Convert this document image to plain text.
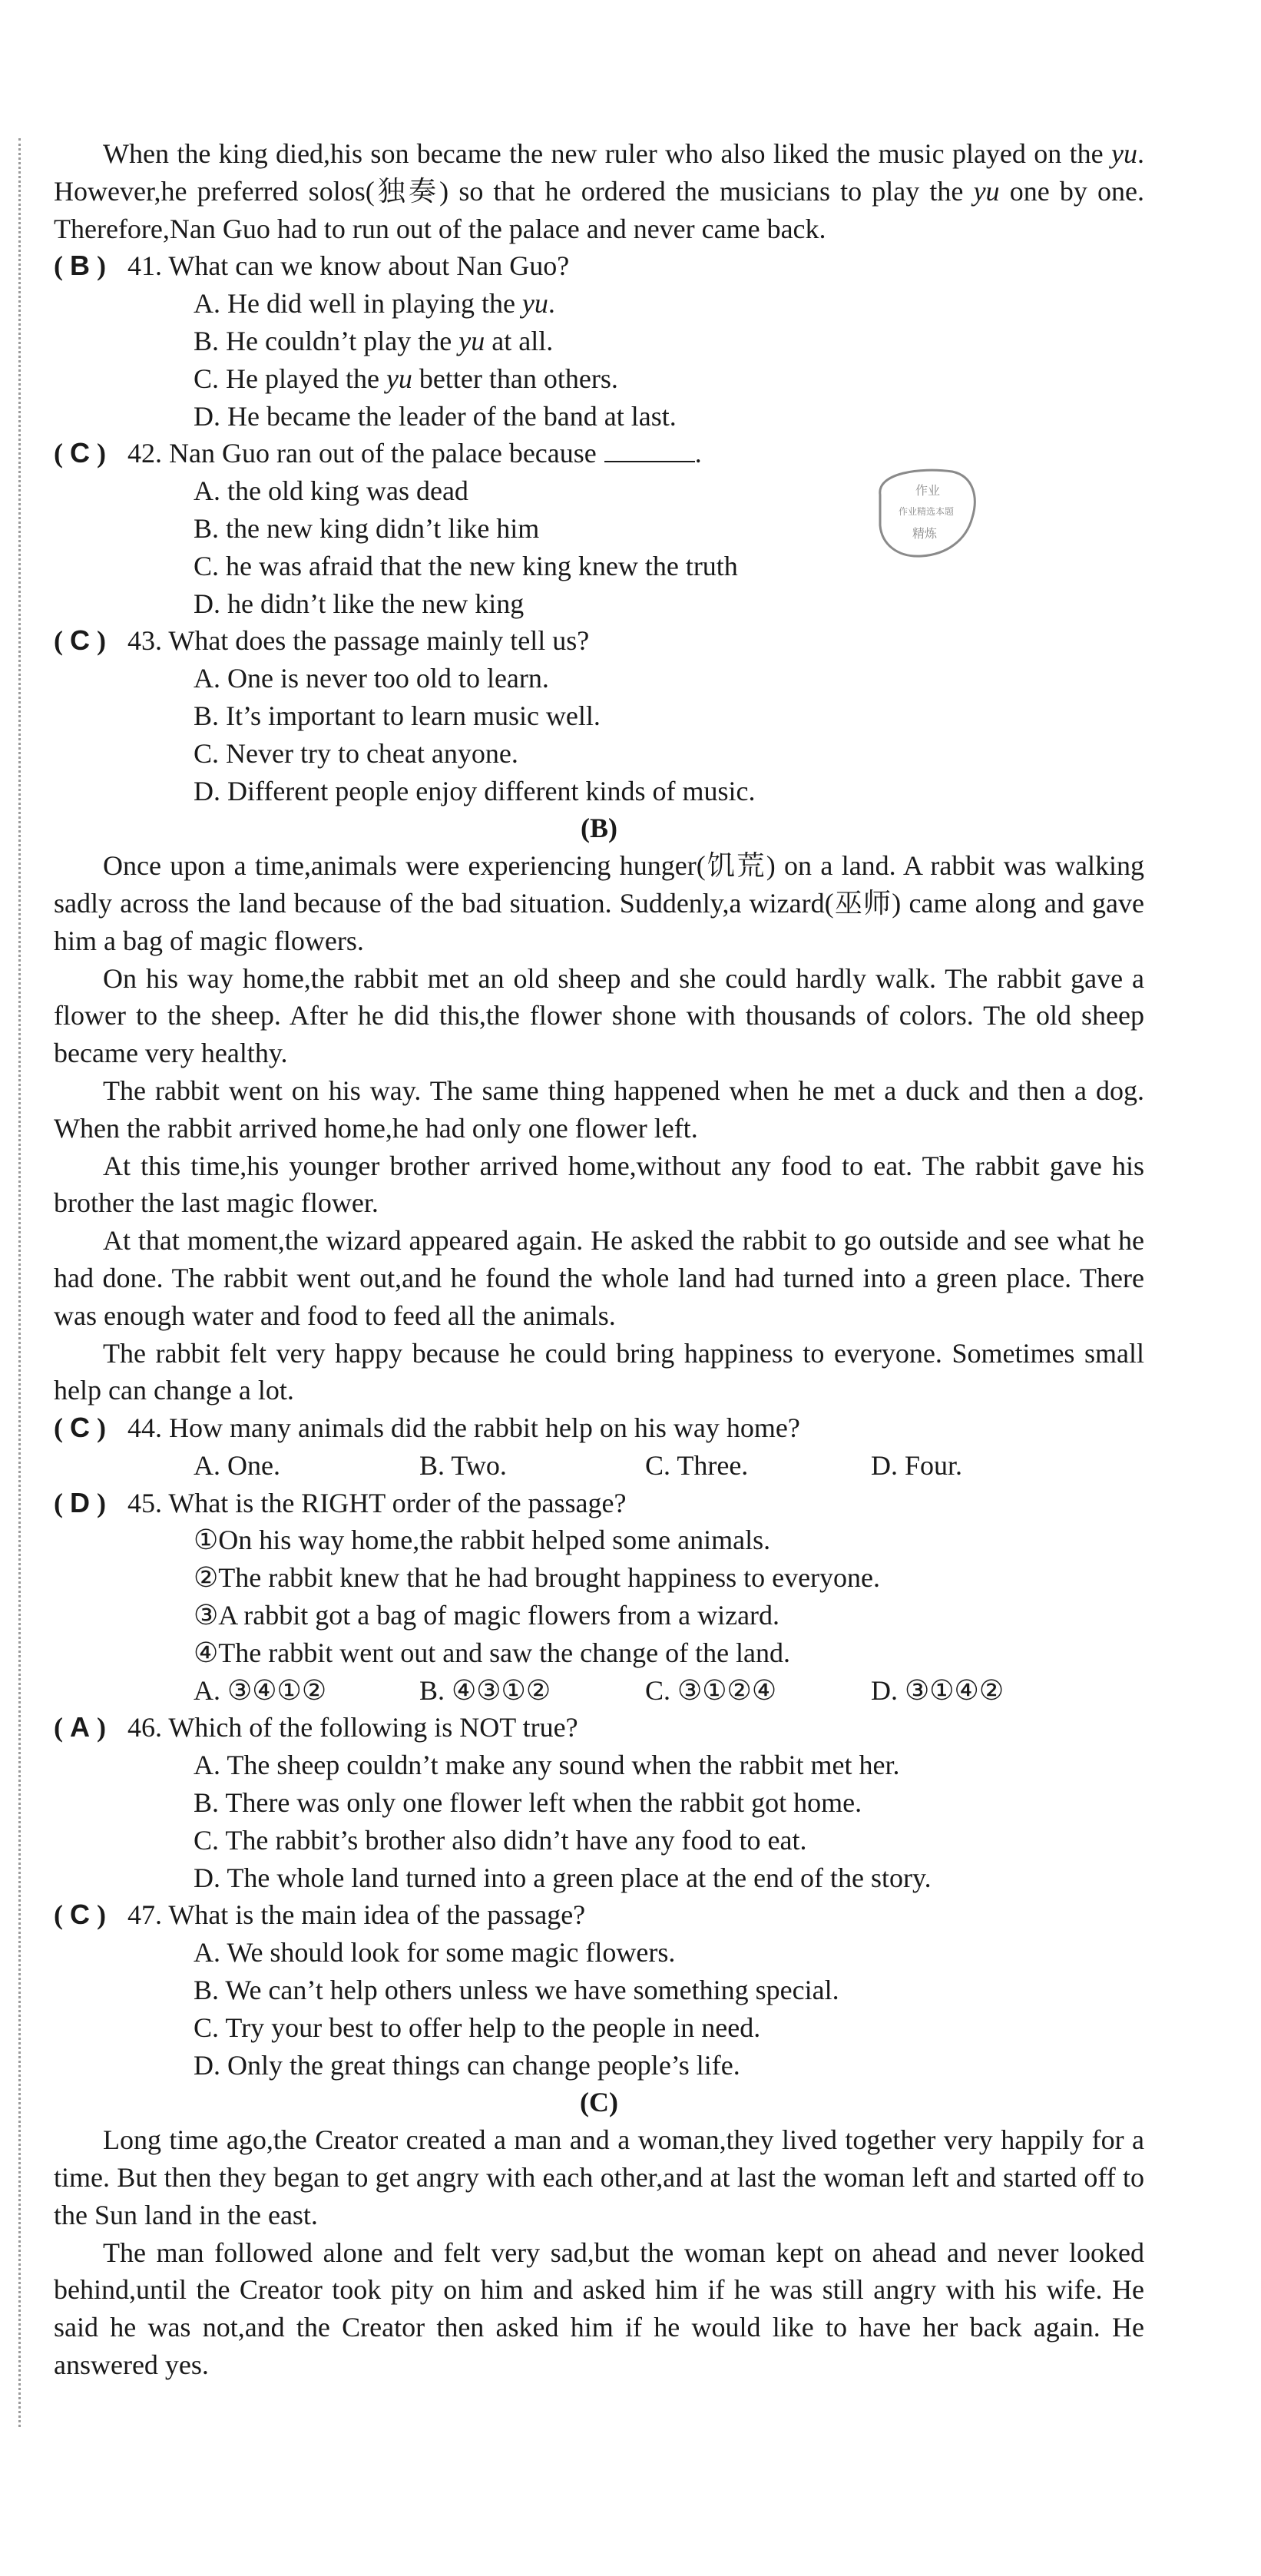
When the king died,his son became the new ruler who also liked the music played on the yu. However,he preferred solos(独奏) so that he ordered the musicians to play the yu one by one. Therefore,Nan Guo had to run out of the palace and never came back.

( B ) 41. What can we know about Nan Guo?

A. He did well in playing the yu.

B. He couldn’t play the yu at all.

C. He played the yu better than others.

D. He became the leader of the band at last.

( C ) 42. Nan Guo ran out of the palace because	.

A. the old king was dead

B. the new king didn’t like him

C. he was afraid that the new king knew the truth

D. he didn’t like the new king

( C ) 43. What does the passage mainly tell us?

A. One is never too old to learn.

B. It’s important to learn music well.

C. Never try to cheat anyone.

D. Different people enjoy different kinds of music.

(B)

Once upon a time,animals were experiencing hunger(饥荒) on a land. A rabbit was walking sadly across the land because of the bad situation. Suddenly,a wizard(巫师) came along and gave him a bag of magic flowers.

On his way home,the rabbit met an old sheep and she could hardly walk. The rabbit gave a flower to the sheep. After he did this,the flower shone with thousands of colors. The old sheep became very healthy.

The rabbit went on his way. The same thing happened when he met a duck and then a dog. When the rabbit arrived home,he had only one flower left.

At this time,his younger brother arrived home,without any food to eat. The rabbit gave his brother the last magic flower.

At that moment,the wizard appeared again. He asked the rabbit to go outside and see what he had done. The rabbit went out,and he found the whole land had turned into a green place. There was enough water and food to feed all the animals.

The rabbit felt very happy because he could bring happiness to everyone. Sometimes small help can change a lot.

( C ) 44. How many animals did the rabbit help on his way home?

A. One.	B. Two.	C. Three.	D. Four.

( D ) 45. What is the RIGHT order of the passage?

①On his way home,the rabbit helped some animals.

②The rabbit knew that he had brought happiness to everyone.

③A rabbit got a bag of magic flowers from a wizard.

④The rabbit went out and saw the change of the land.

A. ③④①②	B. ④③①②	C. ③①②④	D. ③①④②

( A ) 46. Which of the following is NOT true?

A. The sheep couldn’t make any sound when the rabbit met her.

B. There was only one flower left when the rabbit got home.

C. The rabbit’s brother also didn’t have any food to eat.

D. The whole land turned into a green place at the end of the story.

( C ) 47. What is the main idea of the passage?

A. We should look for some magic flowers.

B. We can’t help others unless we have something special.

C. Try your best to offer help to the people in need.

D. Only the great things can change people’s life.

(C)

Long time ago,the Creator created a man and a woman,they lived together very happily for a time. But then they began to get angry with each other,and at last the woman left and started off to the Sun land in the east.

The man followed alone and felt very sad,but the woman kept on ahead and never looked behind,until the Creator took pity on him and asked him if he was still angry with his wife. He said he was not,and the Creator then asked him if he would like to have her back again. He answered yes.

作业
作业精选本题
精炼
